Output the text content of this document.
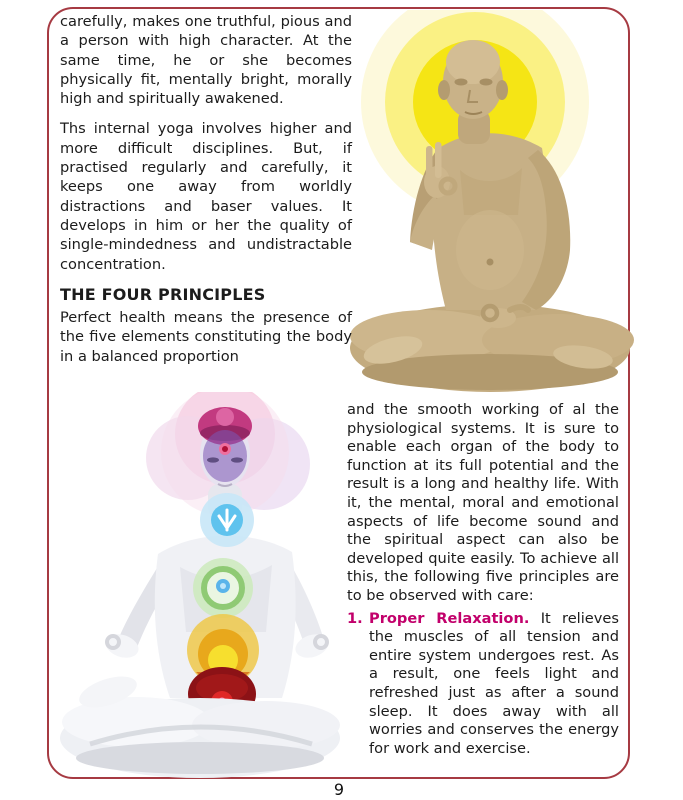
carefully, makes one truthful, pious and a person with high character. At the same time, he or she becomes physically fit, mentally bright, morally high and spiritually awakened.

Ths internal yoga involves higher and more difficult disciplines. But, if practised regularly and carefully, it keeps one away from worldly distractions and baser values. It develops in him or her the quality of single-mindedness and undistractable concentration.

THE FOUR PRINCIPLES

Perfect health means the presence of the five elements constituting the body in a balanced proportion

and the smooth working of al the physiological systems. It is sure to enable each organ of the body to function at its full potential and the result is a long and healthy life. With it, the mental, moral and emotional aspects of life become sound and the spiritual aspect can also be developed quite easily. To achieve all this, the following five principles are to be observed with care:

1. Proper Relaxation. It relieves the muscles of all tension and entire system undergoes rest. As a result, one feels light and refreshed just as after a sound sleep. It does away with all worries and conserves the energy for work and exercise.
9
